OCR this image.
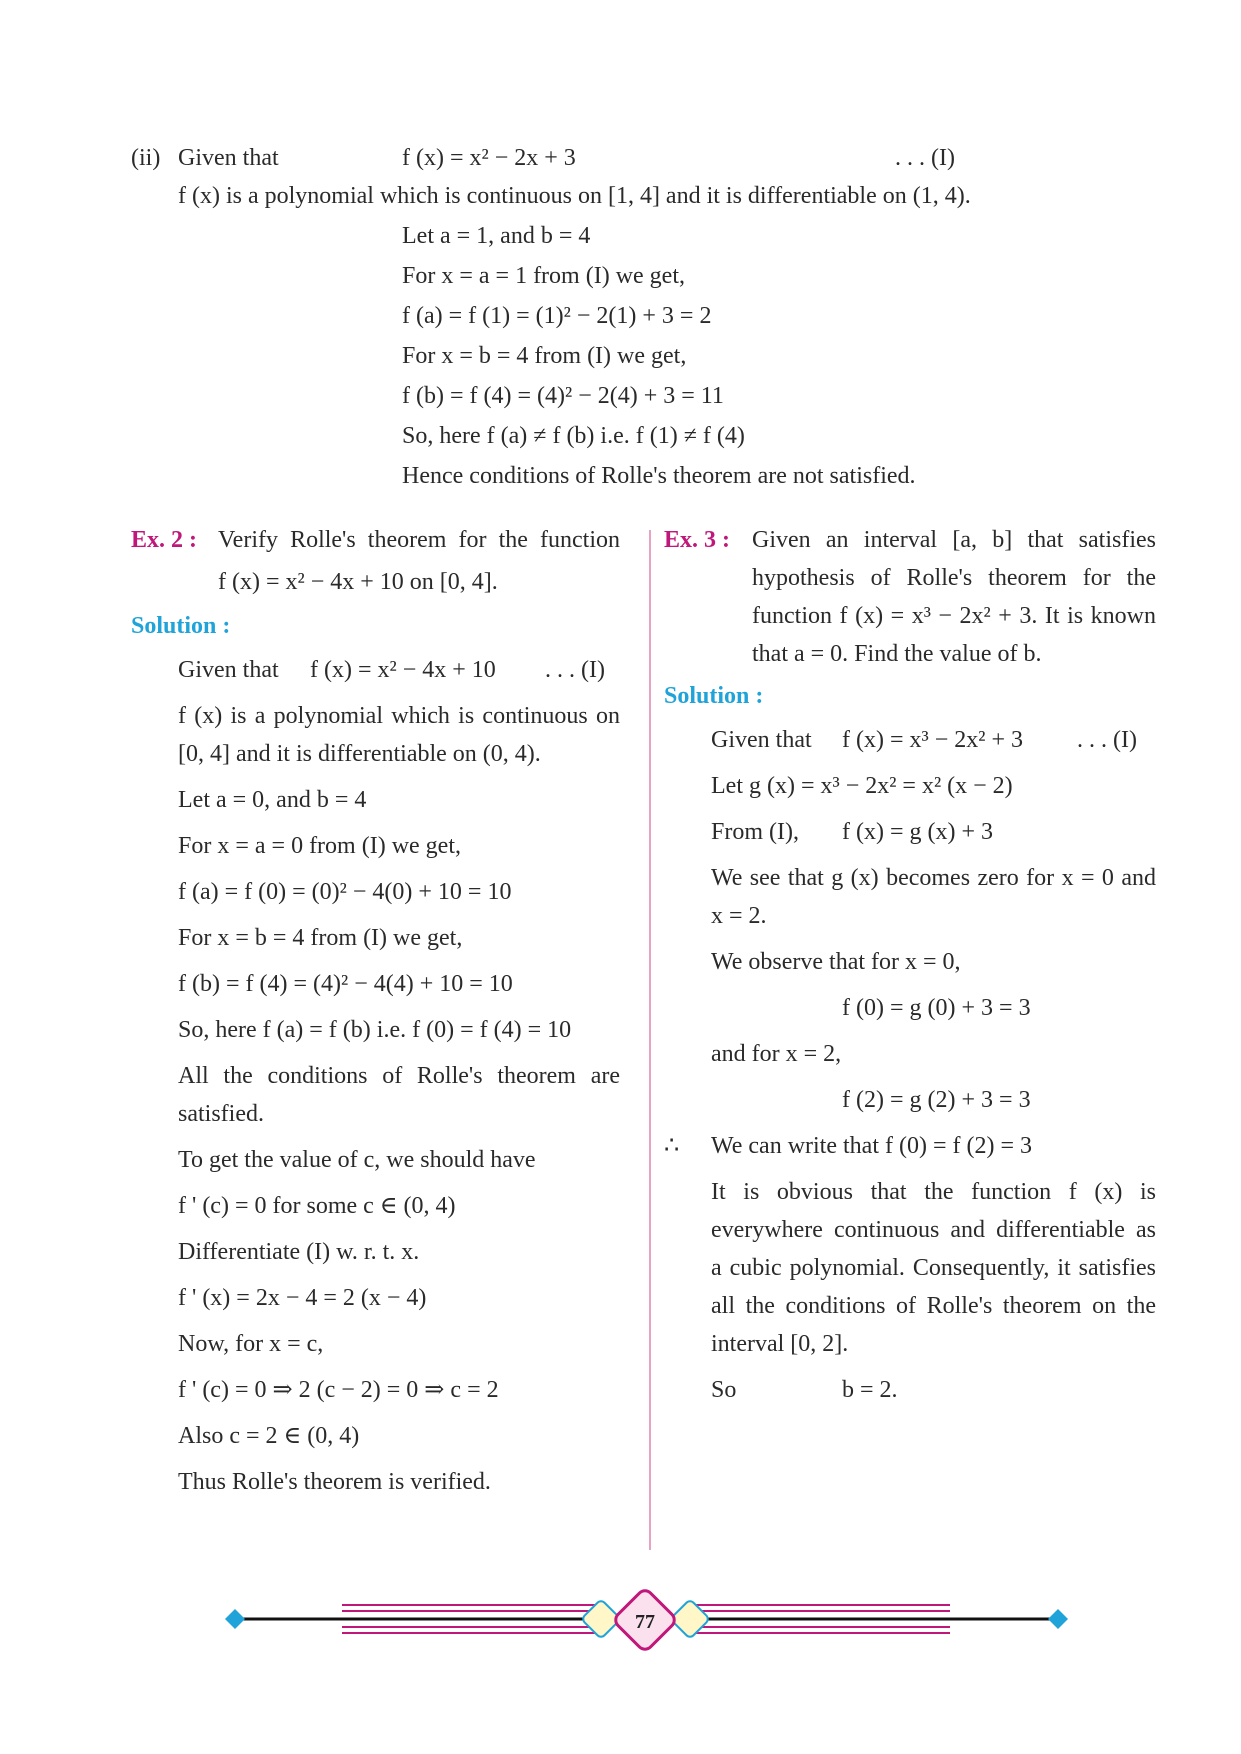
(ii) Given that	f (x) = x² − 2x + 3	. . . (I)
f (x) is a polynomial which is continuous on [1, 4] and it is differentiable on (1, 4).
Let a = 1, and b = 4
For x = a = 1 from (I) we get,
f (a) = f (1) = (1)² − 2(1) + 3 = 2
For x = b = 4 from (I) we get,
f (b) = f (4) = (4)² − 2(4) + 3 = 11
So, here f (a) ≠ f (b) i.e. f (1) ≠ f (4)
Hence conditions of Rolle's theorem are not satisfied.
Ex. 2 : Verify Rolle's theorem for the function
f (x) = x² − 4x + 10 on [0, 4].
Solution :
Given that f (x) = x² − 4x + 10 . . . (I)
f (x) is a polynomial which is continuous on
[0, 4] and it is differentiable on (0, 4).
Let a = 0, and b = 4
For x = a = 0 from (I) we get,
f (a) = f (0) = (0)² − 4(0) + 10 = 10
For x = b = 4 from (I) we get,
f (b) = f (4) = (4)² − 4(4) + 10 = 10
So, here f (a) = f (b) i.e. f (0) = f (4) = 10
All the conditions of Rolle's theorem are
satisfied.
To get the value of c, we should have
f ' (c) = 0 for some c ∈ (0, 4)
Differentiate (I) w. r. t. x.
f ' (x) = 2x − 4 = 2 (x − 4)
Now, for x = c,
f ' (c) = 0 ⇒ 2 (c − 2) = 0 ⇒ c = 2
Also c = 2 ∈ (0, 4)
Thus Rolle's theorem is verified.
Ex. 3 : Given an interval [a, b] that satisfies
hypothesis of Rolle's theorem for the
function f (x) = x³ − 2x² + 3. It is known
that a = 0. Find the value of b.
Solution :
Given that f (x) = x³ − 2x² + 3 . . . (I)
Let g (x) = x³ − 2x² = x² (x − 2)
From (I), f (x) = g (x) + 3
We see that g (x) becomes zero for x = 0 and
x = 2.
We observe that for x = 0,
f (0) = g (0) + 3 = 3
and for x = 2,
f (2) = g (2) + 3 = 3
∴ We can write that f (0) = f (2) = 3
It is obvious that the function f (x) is
everywhere continuous and differentiable as
a cubic polynomial. Consequently, it satisfies
all the conditions of Rolle's theorem on the
interval [0, 2].
So	b = 2.
77
